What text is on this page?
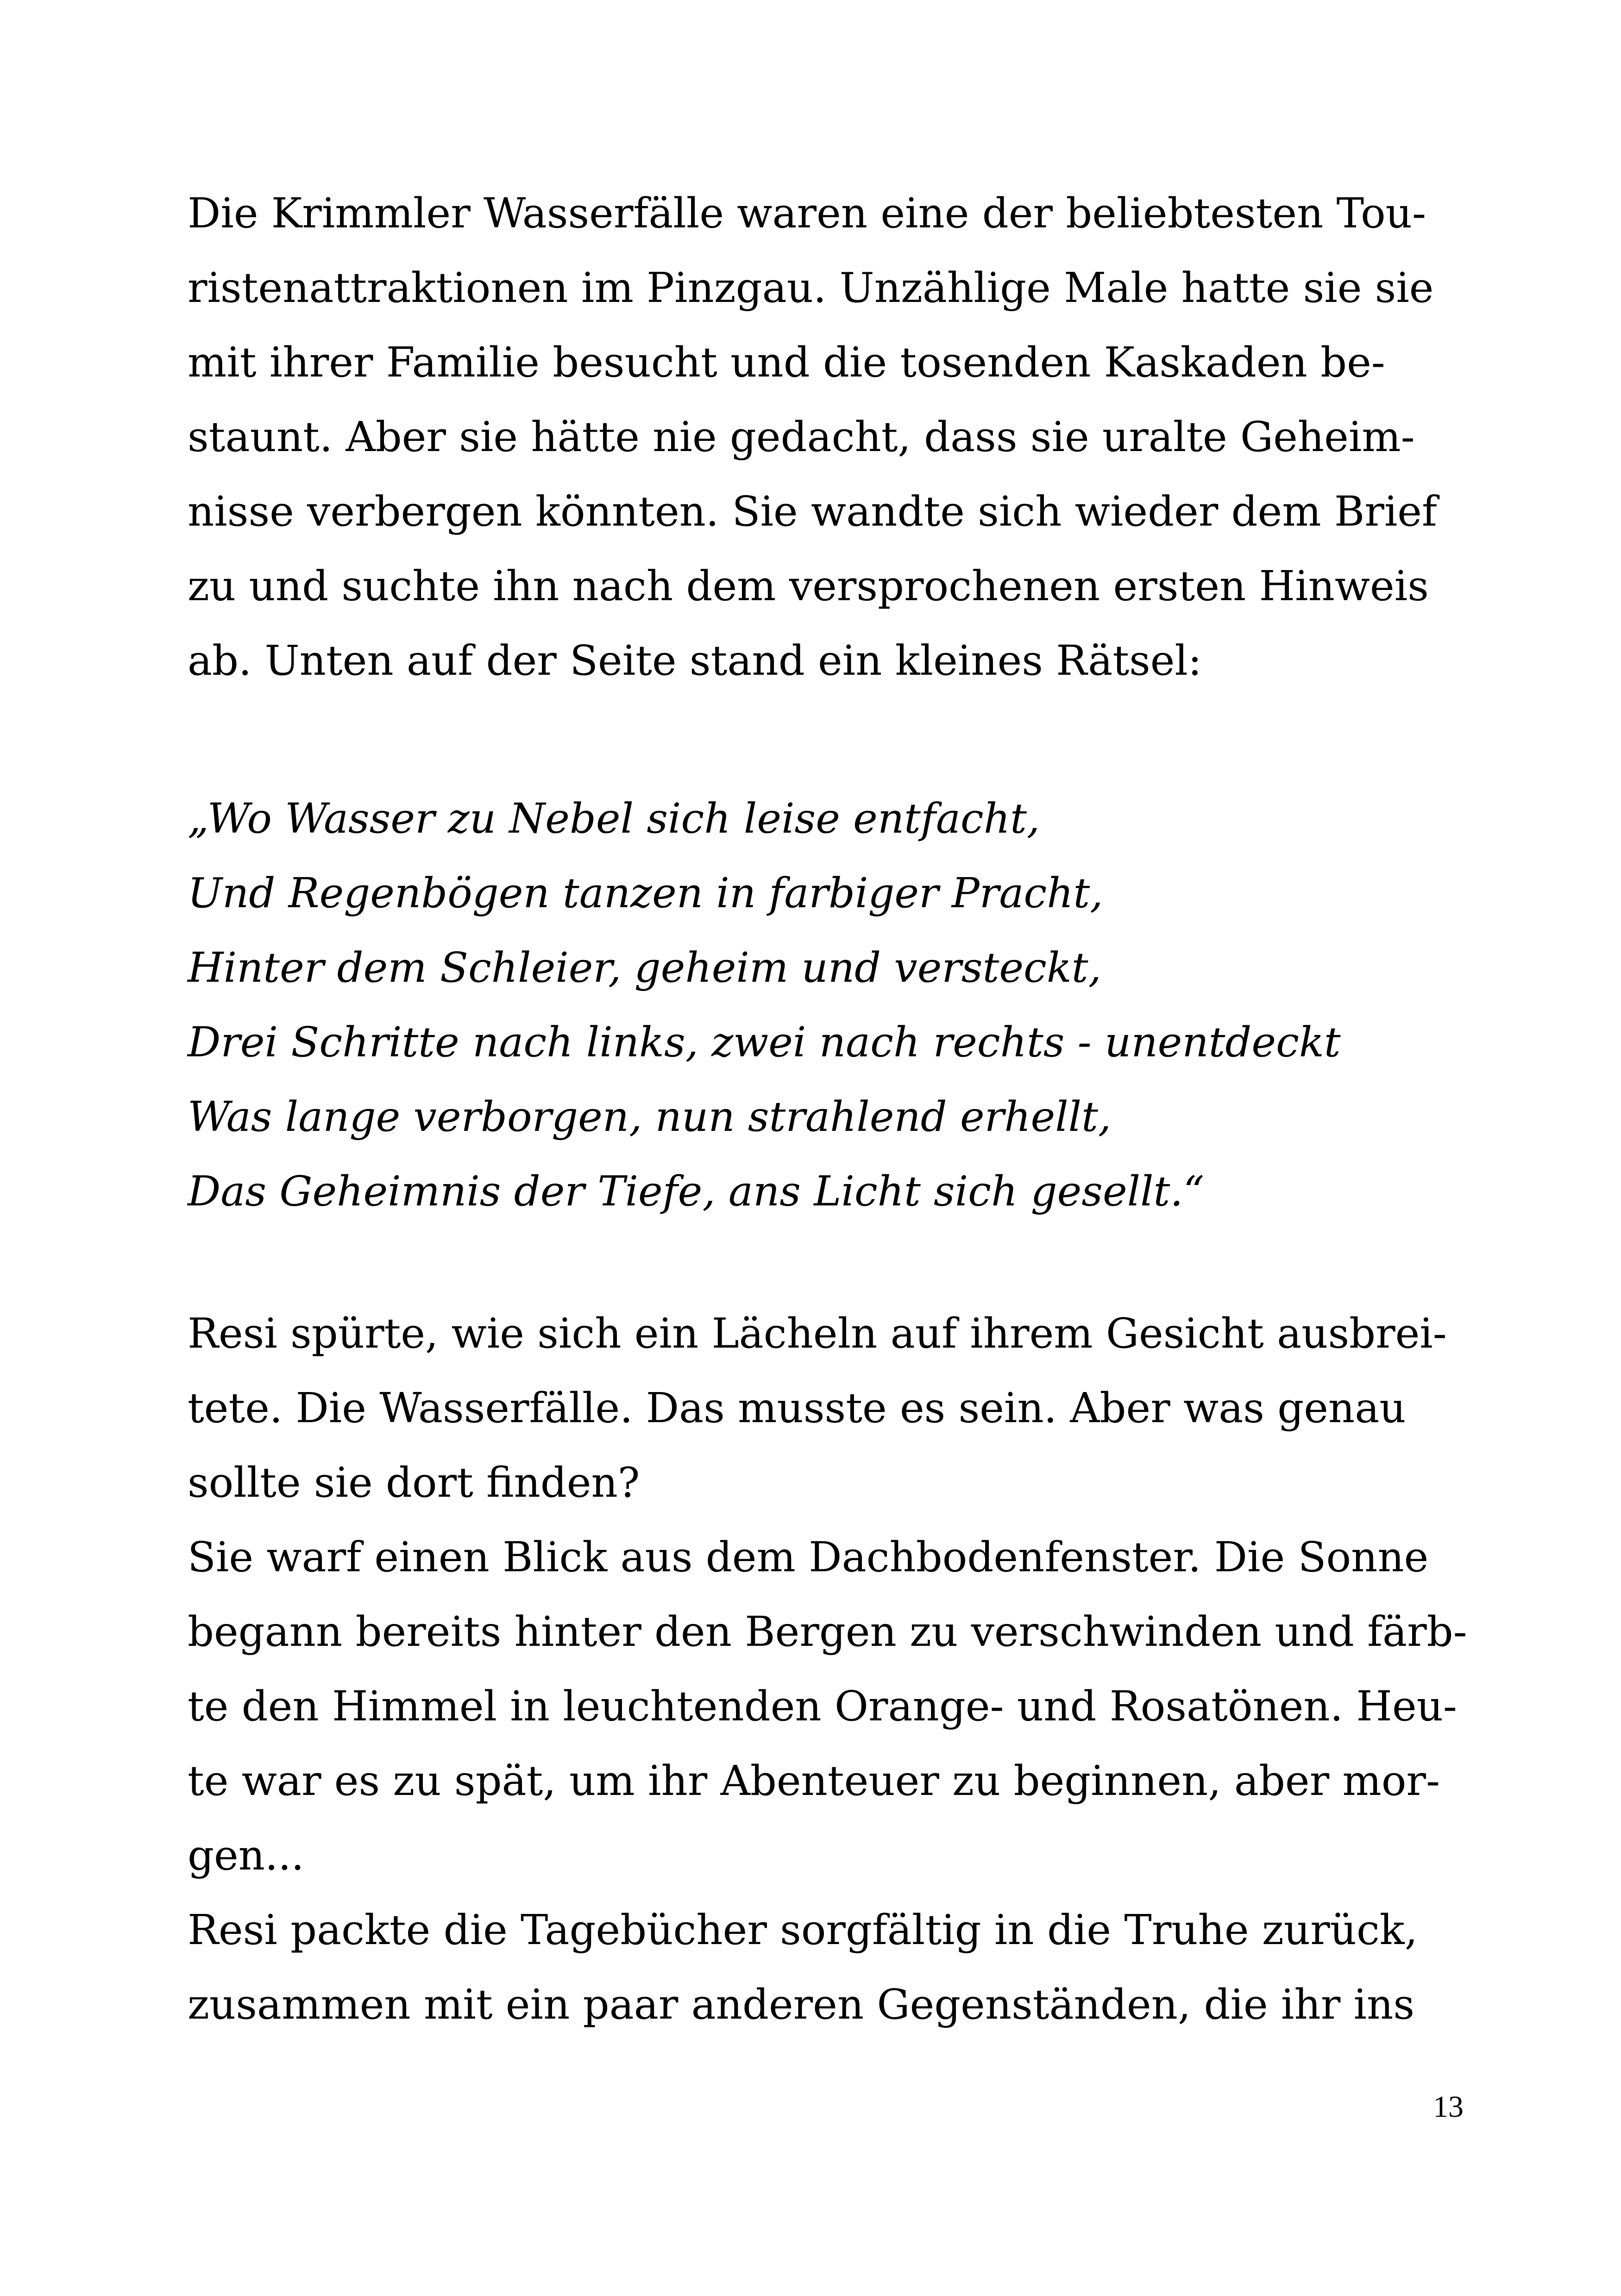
Die Krimmler Wasserfälle waren eine der beliebtesten Tou-
ristenattraktionen im Pinzgau. Unzählige Male hatte sie sie
mit ihrer Familie besucht und die tosenden Kaskaden be-
staunt. Aber sie hätte nie gedacht, dass sie uralte Geheim-
nisse verbergen könnten. Sie wandte sich wieder dem Brief
zu und suchte ihn nach dem versprochenen ersten Hinweis
ab. Unten auf der Seite stand ein kleines Rätsel:
„Wo Wasser zu Nebel sich leise entfacht,
Und Regenbögen tanzen in farbiger Pracht,
Hinter dem Schleier, geheim und versteckt,
Drei Schritte nach links, zwei nach rechts - unentdeckt
Was lange verborgen, nun strahlend erhellt,
Das Geheimnis der Tiefe, ans Licht sich gesellt.“
Resi spürte, wie sich ein Lächeln auf ihrem Gesicht ausbrei-
tete. Die Wasserfälle. Das musste es sein. Aber was genau
sollte sie dort finden?
Sie warf einen Blick aus dem Dachbodenfenster. Die Sonne
begann bereits hinter den Bergen zu verschwinden und färb-
te den Himmel in leuchtenden Orange- und Rosatönen. Heu-
te war es zu spät, um ihr Abenteuer zu beginnen, aber mor-
gen...
Resi packte die Tagebücher sorgfältig in die Truhe zurück,
zusammen mit ein paar anderen Gegenständen, die ihr ins
13
